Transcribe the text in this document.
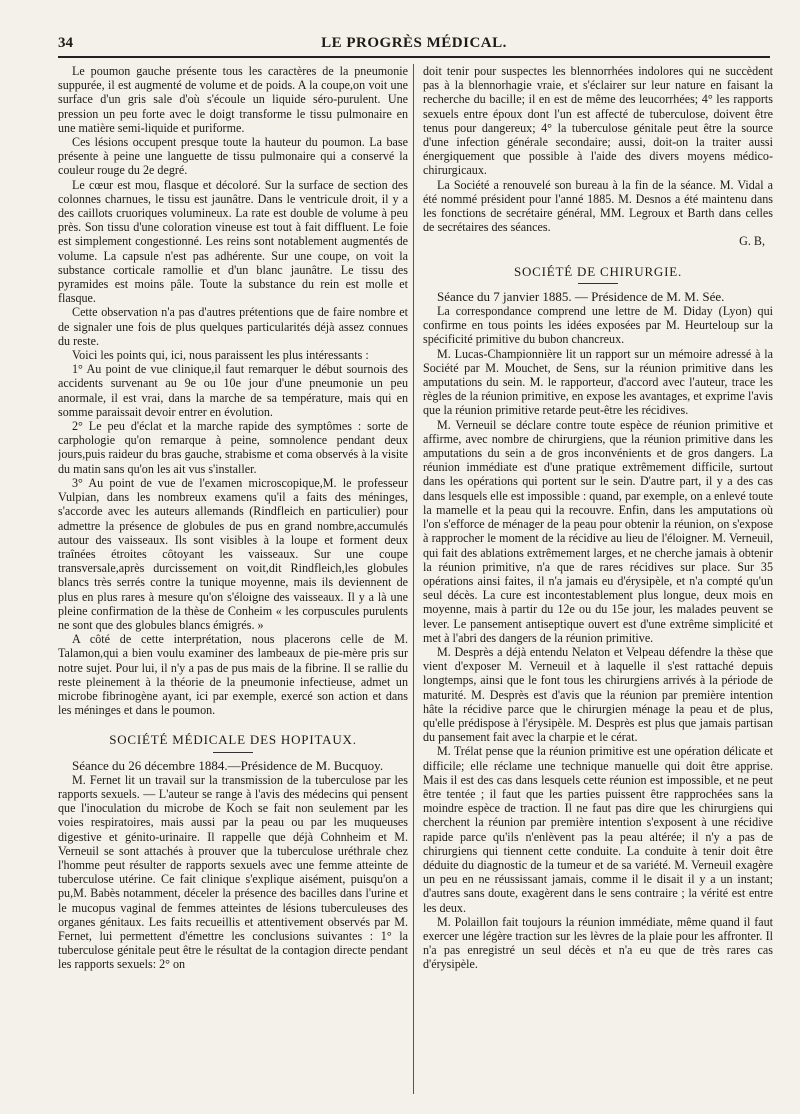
34	LE PROGRÈS MÉDICAL.

Le poumon gauche présente tous les caractères de la pneumonie suppurée, il est augmenté de volume et de poids. A la coupe,on voit une surface d'un gris sale d'où s'écoule un liquide séro-purulent. Une pression un peu forte avec le doigt transforme le tissu pulmonaire en une matière semi-liquide et puriforme.

Ces lésions occupent presque toute la hauteur du poumon. La base présente à peine une languette de tissu pulmonaire qui a conservé la couleur rouge du 2e degré.

Le cœur est mou, flasque et décoloré. Sur la surface de section des colonnes charnues, le tissu est jaunâtre. Dans le ventricule droit, il y a des caillots cruoriques volumineux. La rate est double de volume à peu près. Son tissu d'une coloration vineuse est tout à fait diffluent. Le foie est simplement congestionné. Les reins sont notablement augmentés de volume. La capsule n'est pas adhérente. Sur une coupe, on voit la substance corticale ramollie et d'un blanc jaunâtre. Le tissu des pyramides est moins pâle. Toute la substance du rein est molle et flasque.

Cette observation n'a pas d'autres prétentions que de faire nombre et de signaler une fois de plus quelques particularités déjà assez connues du reste.

Voici les points qui, ici, nous paraissent les plus intéressants :

1° Au point de vue clinique,il faut remarquer le début sournois des accidents survenant au 9e ou 10e jour d'une pneumonie un peu anormale, il est vrai, dans la marche de sa température, mais qui en somme paraissait devoir entrer en évolution.

2° Le peu d'éclat et la marche rapide des symptômes : sorte de carphologie qu'on remarque à peine, somnolence pendant deux jours,puis raideur du bras gauche, strabisme et coma observés à la visite du matin sans qu'on les ait vus s'installer.

3° Au point de vue de l'examen microscopique,M. le professeur Vulpian, dans les nombreux examens qu'il a faits des méninges, s'accorde avec les auteurs allemands (Rindfleich en particulier) pour admettre la présence de globules de pus en grand nombre,accumulés autour des vaisseaux. Ils sont visibles à la loupe et forment deux traînées étroites côtoyant les vaisseaux. Sur une coupe transversale,après durcissement on voit,dit Rindfleich,les globules blancs très serrés contre la tunique moyenne, mais ils deviennent de plus en plus rares à mesure qu'on s'éloigne des vaisseaux. Il y a là une pleine confirmation de la thèse de Conheim « les corpuscules purulents ne sont que des globules blancs émigrés. »

A côté de cette interprétation, nous placerons celle de M. Talamon,qui a bien voulu examiner des lambeaux de pie-mère pris sur notre sujet. Pour lui, il n'y a pas de pus mais de la fibrine. Il se rallie du reste pleinement à la théorie de la pneumonie infectieuse, admet un microbe fibrinogène ayant, ici par exemple, exercé son action et dans les méninges et dans le poumon.

SOCIÉTÉ MÉDICALE DES HOPITAUX.

Séance du 26 décembre 1884.—Présidence de M. Bucquoy.

M. Fernet lit un travail sur la transmission de la tuberculose par les rapports sexuels. — L'auteur se range à l'avis des médecins qui pensent que l'inoculation du microbe de Koch se fait non seulement par les voies respiratoires, mais aussi par la peau ou par les muqueuses digestive et génito-urinaire. Il rappelle que déjà Cohnheim et M. Verneuil se sont attachés à prouver que la tuberculose uréthrale chez l'homme peut résulter de rapports sexuels avec une femme atteinte de tuberculose utérine. Ce fait clinique s'explique aisément, puisqu'on a pu,M. Babès notamment, déceler la présence des bacilles dans l'urine et le mucopus vaginal de femmes atteintes de lésions tuberculeuses des organes génitaux. Les faits recueillis et attentivement observés par M. Fernet, lui permettent d'émettre les conclusions suivantes : 1° la tuberculose génitale peut être le résultat de la contagion directe pendant les rapports sexuels: 2° on

doit tenir pour suspectes les blennorrhées indolores qui ne succèdent pas à la blennorhagie vraie, et s'éclairer sur leur nature en faisant la recherche du bacille; il en est de même des leucorrhées; 4° les rapports sexuels entre époux dont l'un est affecté de tuberculose, doivent être tenus pour dangereux; 4° la tuberculose génitale peut être la source d'une infection générale secondaire; aussi, doit-on la traiter aussi énergiquement que possible à l'aide des divers moyens médico-chirurgicaux.

La Société a renouvelé son bureau à la fin de la séance. M. Vidal a été nommé président pour l'anné 1885. M. Desnos a été maintenu dans les fonctions de secrétaire général, MM. Legroux et Barth dans celles de secrétaires des séances.

G. B,

SOCIÉTÉ DE CHIRURGIE.

Séance du 7 janvier 1885. — Présidence de M. M. Sée.

La correspondance comprend une lettre de M. Diday (Lyon) qui confirme en tous points les idées exposées par M. Heurteloup sur la spécificité primitive du bubon chancreux.

M. Lucas-Championnière lit un rapport sur un mémoire adressé à la Société par M. Mouchet, de Sens, sur la réunion primitive dans les amputations du sein. M. le rapporteur, d'accord avec l'auteur, trace les règles de la réunion primitive, en expose les avantages, et exprime l'avis que la réunion primitive retarde peut-être les récidives.

M. Verneuil se déclare contre toute espèce de réunion primitive et affirme, avec nombre de chirurgiens, que la réunion primitive dans les amputations du sein a de gros inconvénients et de gros dangers. La réunion immédiate est d'une pratique extrêmement difficile, surtout dans les opérations qui portent sur le sein. D'autre part, il y a des cas dans lesquels elle est impossible : quand, par exemple, on a enlevé toute la mamelle et la peau qui la recouvre. Enfin, dans les amputations où l'on s'efforce de ménager de la peau pour obtenir la réunion, on s'expose à rapprocher le moment de la récidive au lieu de l'éloigner. M. Verneuil, qui fait des ablations extrêmement larges, et ne cherche jamais à obtenir la réunion primitive, n'a que de rares récidives sur place. Sur 35 opérations ainsi faites, il n'a jamais eu d'érysipèle, et n'a compté qu'un seul décès. La cure est incontestablement plus longue, deux mois en moyenne, mais à partir du 12e ou du 15e jour, les malades peuvent se lever. Le pansement antiseptique ouvert est d'une extrême simplicité et met à l'abri des dangers de la réunion primitive.

M. Desprès a déjà entendu Nelaton et Velpeau défendre la thèse que vient d'exposer M. Verneuil et à laquelle il s'est rattaché depuis longtemps, ainsi que le font tous les chirurgiens arrivés à la période de maturité. M. Desprès est d'avis que la réunion par première intention hâte la récidive parce que le chirurgien ménage la peau et de plus, qu'elle prédispose à l'érysipèle. M. Desprès est plus que jamais partisan du pansement fait avec la charpie et le cérat.

M. Trélat pense que la réunion primitive est une opération délicate et difficile; elle réclame une technique manuelle qui doit être apprise. Mais il est des cas dans lesquels cette réunion est impossible, et ne peut être tentée ; il faut que les parties puissent être rapprochées sans la moindre espèce de traction. Il ne faut pas dire que les chirurgiens qui cherchent la réunion par première intention s'exposent à une récidive rapide parce qu'ils n'enlèvent pas la peau altérée; il n'y a pas de chirurgiens qui tiennent cette conduite. La conduite à tenir doit être déduite du diagnostic de la tumeur et de sa variété. M. Verneuil exagère un peu en ne réussissant jamais, comme il le disait il y a un instant; d'autres sans doute, exagèrent dans le sens contraire ; la vérité est entre les deux.

M. Polaillon fait toujours la réunion immédiate, même quand il faut exercer une légère traction sur les lèvres de la plaie pour les affronter. Il n'a pas enregistré un seul décès et n'a eu que de très rares cas d'érysipèle.
